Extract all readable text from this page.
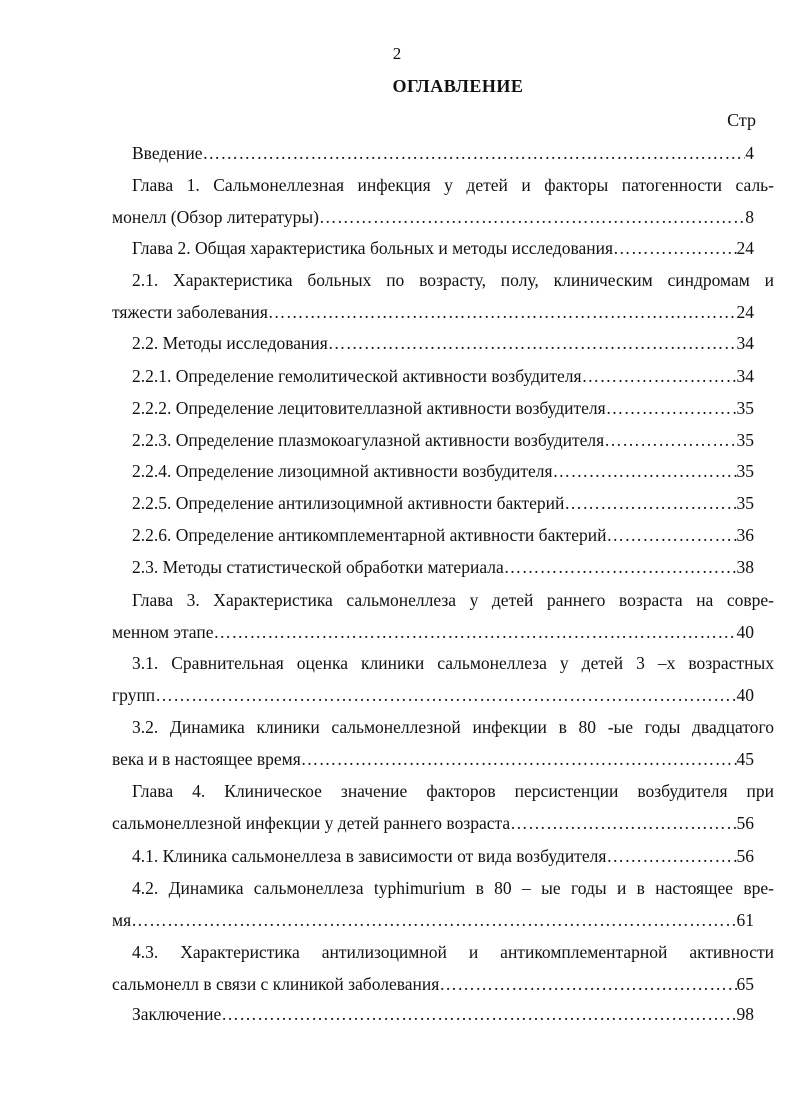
2
ОГЛАВЛЕНИЕ
Стр
Введение …………………………………………………………………………………………………………………………	4
Глава 1. Сальмонеллезная инфекция у детей и факторы патогенности саль-
монелл (Обзор литературы) …………………………………………………………………………………………………………………………	8
Глава 2. Общая характеристика больных и методы исследования …………………………………………………………………………………………………………………………	24
2.1. Характеристика больных по возрасту, полу, клиническим синдромам и
тяжести заболевания …………………………………………………………………………………………………………………………	24
2.2. Методы исследования …………………………………………………………………………………………………………………………	34
2.2.1. Определение гемолитической активности возбудителя …………………………………………………………………………………………………………………………	34
2.2.2. Определение лецитовителлазной активности возбудителя …………………………………………………………………………………………………………………………	35
2.2.3. Определение плазмокоагулазной активности возбудителя …………………………………………………………………………………………………………………………	35
2.2.4. Определение лизоцимной активности возбудителя …………………………………………………………………………………………………………………………	35
2.2.5. Определение антилизоцимной активности бактерий …………………………………………………………………………………………………………………………	35
2.2.6. Определение антикомплементарной активности бактерий …………………………………………………………………………………………………………………………	36
2.3. Методы статистической обработки материала …………………………………………………………………………………………………………………………	38
Глава 3. Характеристика сальмонеллеза у детей раннего возраста на совре-
менном этапе …………………………………………………………………………………………………………………………	40
3.1. Сравнительная оценка клиники сальмонеллеза у детей 3 –х возрастных
групп …………………………………………………………………………………………………………………………	40
3.2. Динамика клиники сальмонеллезной инфекции в 80 -ые годы двадцатого
века и в настоящее время …………………………………………………………………………………………………………………………	45
Глава 4. Клиническое значение факторов персистенции возбудителя при
сальмонеллезной инфекции у детей раннего возраста …………………………………………………………………………………………………………………………	56
4.1. Клиника сальмонеллеза в зависимости от вида возбудителя …………………………………………………………………………………………………………………………	56
4.2. Динамика сальмонеллеза typhimurium в 80 – ые годы и в настоящее вре-
мя …………………………………………………………………………………………………………………………	61
4.3. Характеристика антилизоцимной и антикомплементарной активности
сальмонелл в связи с клиникой заболевания …………………………………………………………………………………………………………………………	65
Заключение …………………………………………………………………………………………………………………………	98
